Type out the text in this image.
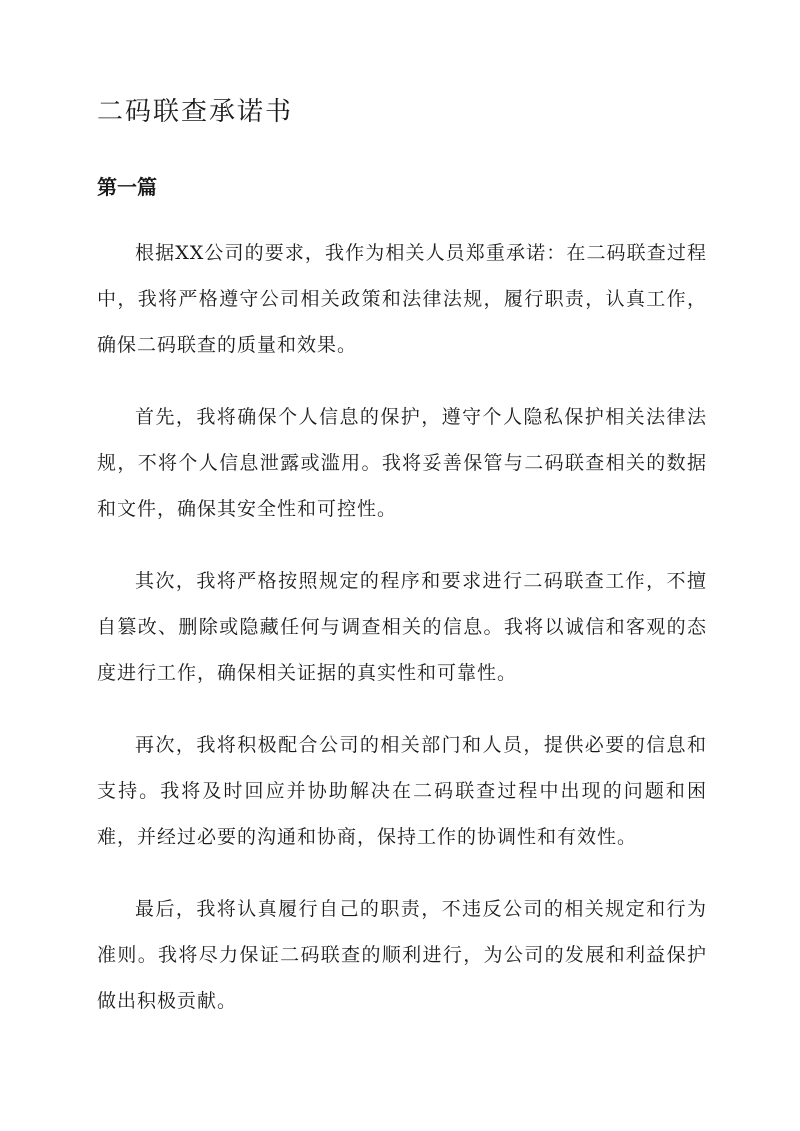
二码联查承诺书
第一篇

根据XX公司的要求，我作为相关人员郑重承诺：在二码联查过程中，我将严格遵守公司相关政策和法律法规，履行职责，认真工作，确保二码联查的质量和效果。

首先，我将确保个人信息的保护，遵守个人隐私保护相关法律法规，不将个人信息泄露或滥用。我将妥善保管与二码联查相关的数据和文件，确保其安全性和可控性。

其次，我将严格按照规定的程序和要求进行二码联查工作，不擅自篡改、删除或隐藏任何与调查相关的信息。我将以诚信和客观的态度进行工作，确保相关证据的真实性和可靠性。

再次，我将积极配合公司的相关部门和人员，提供必要的信息和支持。我将及时回应并协助解决在二码联查过程中出现的问题和困难，并经过必要的沟通和协商，保持工作的协调性和有效性。

最后，我将认真履行自己的职责，不违反公司的相关规定和行为准则。我将尽力保证二码联查的顺利进行，为公司的发展和利益保护做出积极贡献。
